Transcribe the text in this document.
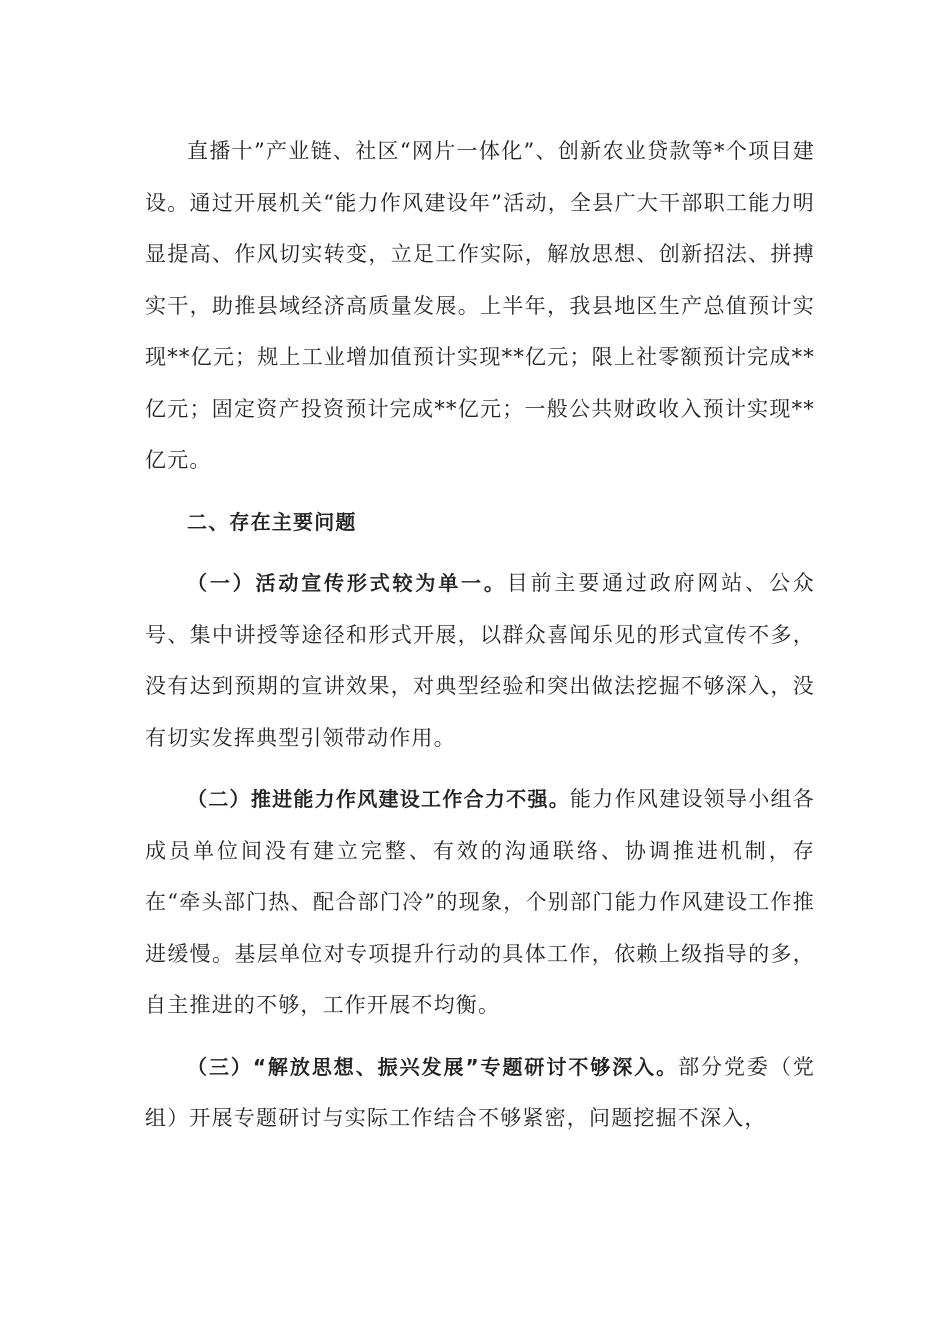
直播十”产业链、社区“网片一体化”、创新农业贷款等*个项目建设。通过开展机关“能力作风建设年”活动，全县广大干部职工能力明显提高、作风切实转变，立足工作实际，解放思想、创新招法、拼搏实干，助推县域经济高质量发展。上半年，我县地区生产总值预计实现**亿元；规上工业增加值预计实现**亿元；限上社零额预计完成**亿元；固定资产投资预计完成**亿元；一般公共财政收入预计实现**亿元。

二、存在主要问题

（一）活动宣传形式较为单一。目前主要通过政府网站、公众号、集中讲授等途径和形式开展，以群众喜闻乐见的形式宣传不多，没有达到预期的宣讲效果，对典型经验和突出做法挖掘不够深入，没有切实发挥典型引领带动作用。

（二）推进能力作风建设工作合力不强。能力作风建设领导小组各成员单位间没有建立完整、有效的沟通联络、协调推进机制，存在“牵头部门热、配合部门冷”的现象，个别部门能力作风建设工作推进缓慢。基层单位对专项提升行动的具体工作，依赖上级指导的多，自主推进的不够，工作开展不均衡。

（三）“解放思想、振兴发展”专题研讨不够深入。部分党委（党组）开展专题研讨与实际工作结合不够紧密，问题挖掘不深入，
